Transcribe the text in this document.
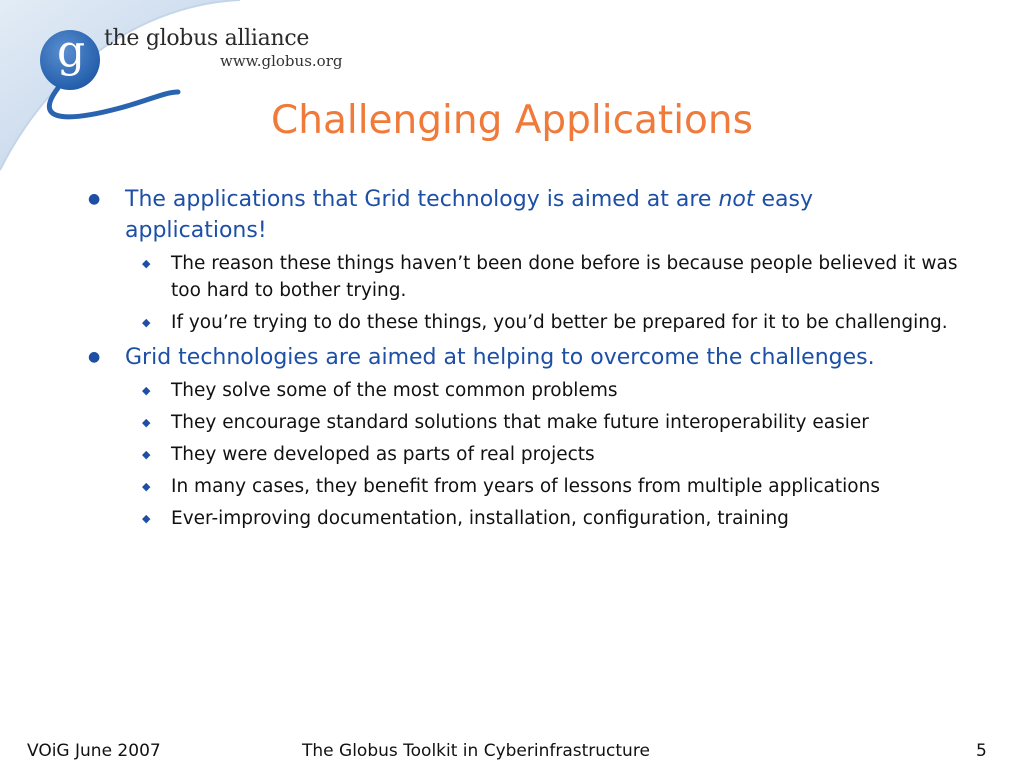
g the globus alliance
www.globus.org
Challenging Applications
● The applications that Grid technology is aimed at are not easy applications!
◆ The reason these things haven’t been done before is because people believed it was too hard to bother trying.
◆ If you’re trying to do these things, you’d better be prepared for it to be challenging.
● Grid technologies are aimed at helping to overcome the challenges.
◆ They solve some of the most common problems
◆ They encourage standard solutions that make future interoperability easier
◆ They were developed as parts of real projects
◆ In many cases, they benefit from years of lessons from multiple applications
◆ Ever-improving documentation, installation, configuration, training
VOiG June 2007	The Globus Toolkit in Cyberinfrastructure	5
